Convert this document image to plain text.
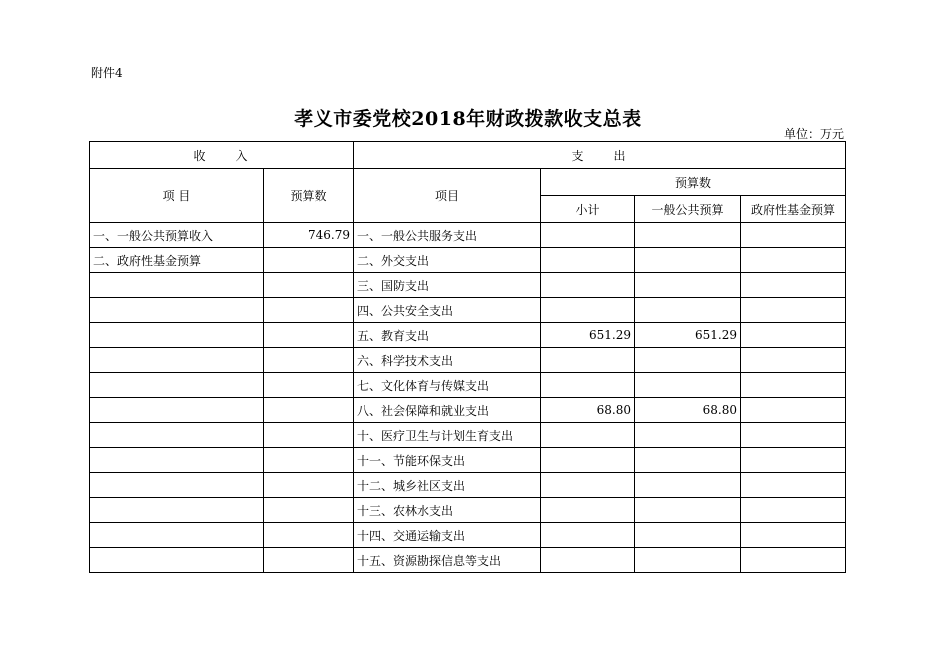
附件4
孝义市委党校2018年财政拨款收支总表
单位：万元
收　　入		支　　出			
项 目	预算数	项目	预算数		
			小计	一般公共预算	政府性基金预算
一、一般公共预算收入	746.79	一、一般公共服务支出			
二、政府性基金预算		二、外交支出			
		三、国防支出			
		四、公共安全支出			
		五、教育支出	651.29	651.29	
		六、科学技术支出			
		七、文化体育与传媒支出			
		八、社会保障和就业支出	68.80	68.80	
		十、医疗卫生与计划生育支出			
		十一、节能环保支出			
		十二、城乡社区支出			
		十三、农林水支出			
		十四、交通运输支出			
		十五、资源勘探信息等支出			
